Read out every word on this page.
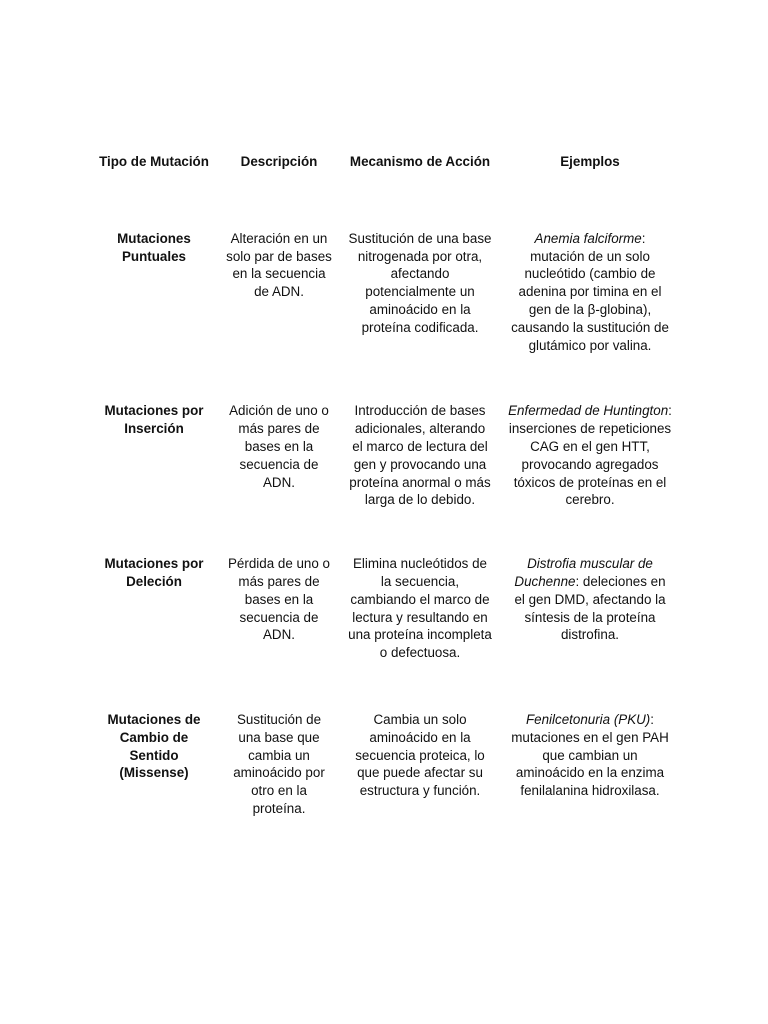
Tipo de Mutación	Descripción	Mecanismo de Acción	Ejemplos
Mutaciones Puntuales	Alteración en un solo par de bases en la secuencia de ADN.	Sustitución de una base nitrogenada por otra, afectando potencialmente un aminoácido en la proteína codificada.	Anemia falciforme: mutación de un solo nucleótido (cambio de adenina por timina en el gen de la β-globina), causando la sustitución de glutámico por valina.
Mutaciones por Inserción	Adición de uno o más pares de bases en la secuencia de ADN.	Introducción de bases adicionales, alterando el marco de lectura del gen y provocando una proteína anormal o más larga de lo debido.	Enfermedad de Huntington: inserciones de repeticiones CAG en el gen HTT, provocando agregados tóxicos de proteínas en el cerebro.
Mutaciones por Deleción	Pérdida de uno o más pares de bases en la secuencia de ADN.	Elimina nucleótidos de la secuencia, cambiando el marco de lectura y resultando en una proteína incompleta o defectuosa.	Distrofia muscular de Duchenne: deleciones en el gen DMD, afectando la síntesis de la proteína distrofina.
Mutaciones de Cambio de Sentido (Missense)	Sustitución de una base que cambia un aminoácido por otro en la proteína.	Cambia un solo aminoácido en la secuencia proteica, lo que puede afectar su estructura y función.	Fenilcetonuria (PKU): mutaciones en el gen PAH que cambian un aminoácido en la enzima fenilalanina hidroxilasa.
